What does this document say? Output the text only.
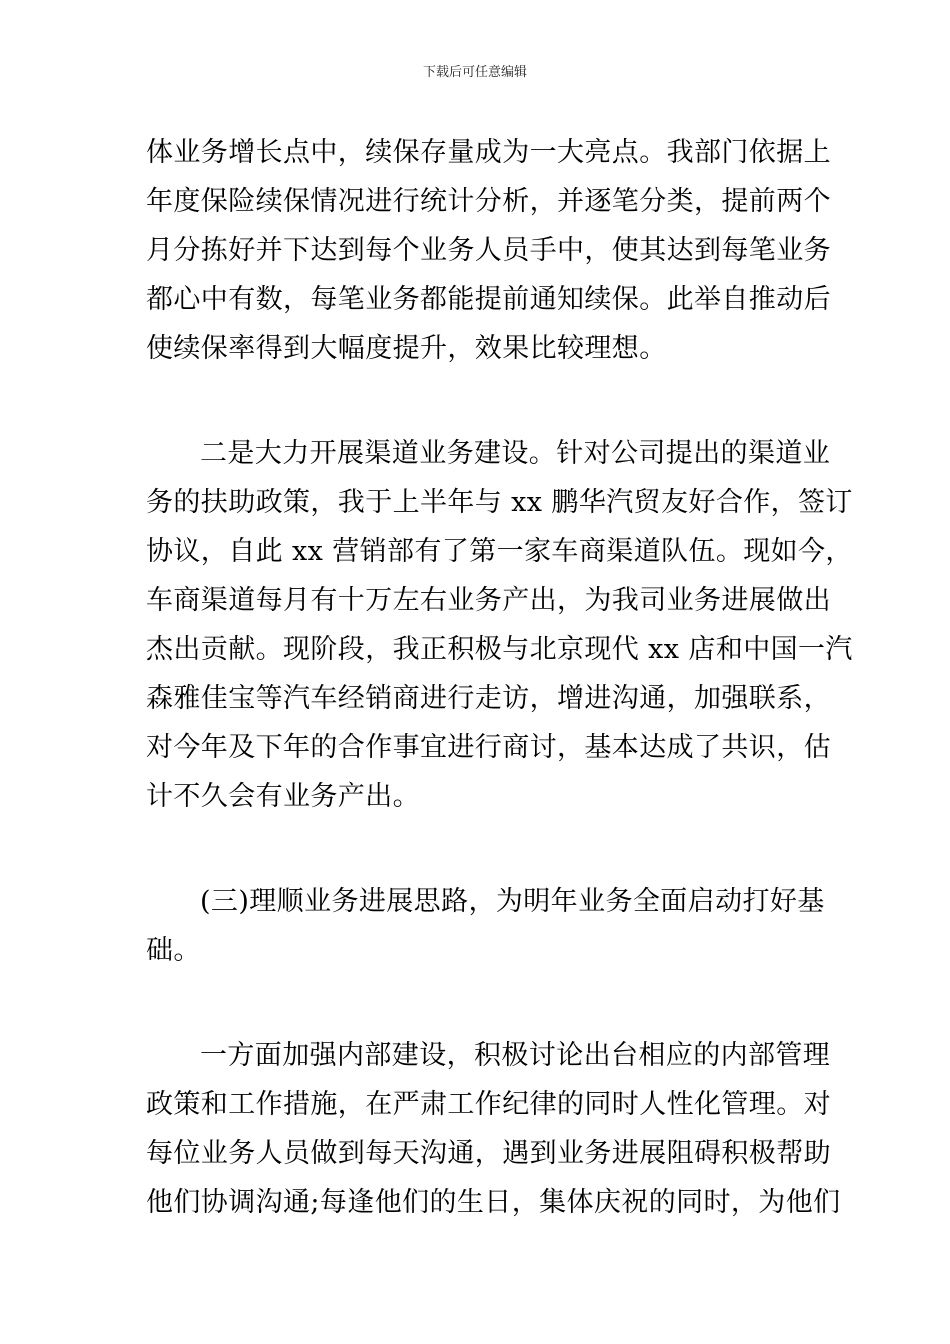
下载后可任意编辑
体业务增长点中，续保存量成为一大亮点。我部门依据上
年度保险续保情况进行统计分析，并逐笔分类，提前两个
月分拣好并下达到每个业务人员手中，使其达到每笔业务
都心中有数，每笔业务都能提前通知续保。此举自推动后
使续保率得到大幅度提升，效果比较理想。
二是大力开展渠道业务建设。针对公司提出的渠道业
务的扶助政策，我于上半年与 xx 鹏华汽贸友好合作，签订
协议，自此 xx 营销部有了第一家车商渠道队伍。现如今，
车商渠道每月有十万左右业务产出，为我司业务进展做出
杰出贡献。现阶段，我正积极与北京现代 xx 店和中国一汽
森雅佳宝等汽车经销商进行走访，增进沟通，加强联系，
对今年及下年的合作事宜进行商讨，基本达成了共识，估
计不久会有业务产出。
(三)理顺业务进展思路，为明年业务全面启动打好基
础。
一方面加强内部建设，积极讨论出台相应的内部管理
政策和工作措施，在严肃工作纪律的同时人性化管理。对
每位业务人员做到每天沟通，遇到业务进展阻碍积极帮助
他们协调沟通;每逢他们的生日，集体庆祝的同时，为他们
